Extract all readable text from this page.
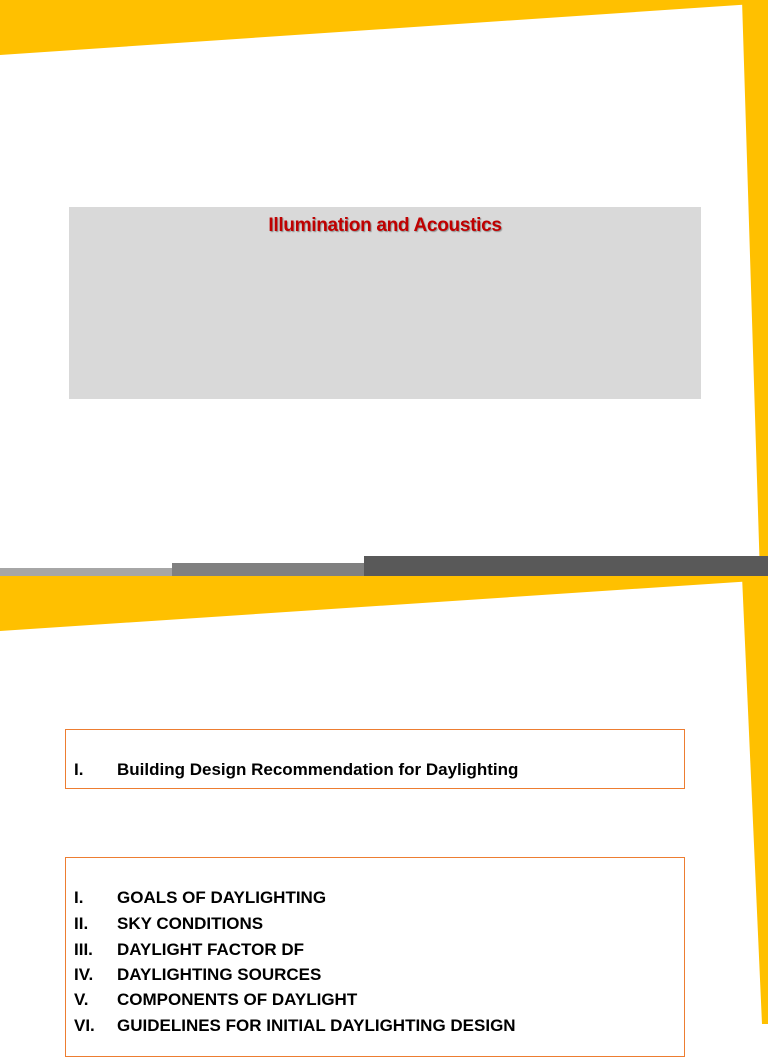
Illumination and Acoustics
I. Building Design Recommendation for Daylighting
I. GOALS OF DAYLIGHTING
II. SKY CONDITIONS
III. DAYLIGHT FACTOR DF
IV. DAYLIGHTING SOURCES
V. COMPONENTS OF DAYLIGHT
VI. GUIDELINES FOR INITIAL DAYLIGHTING DESIGN
